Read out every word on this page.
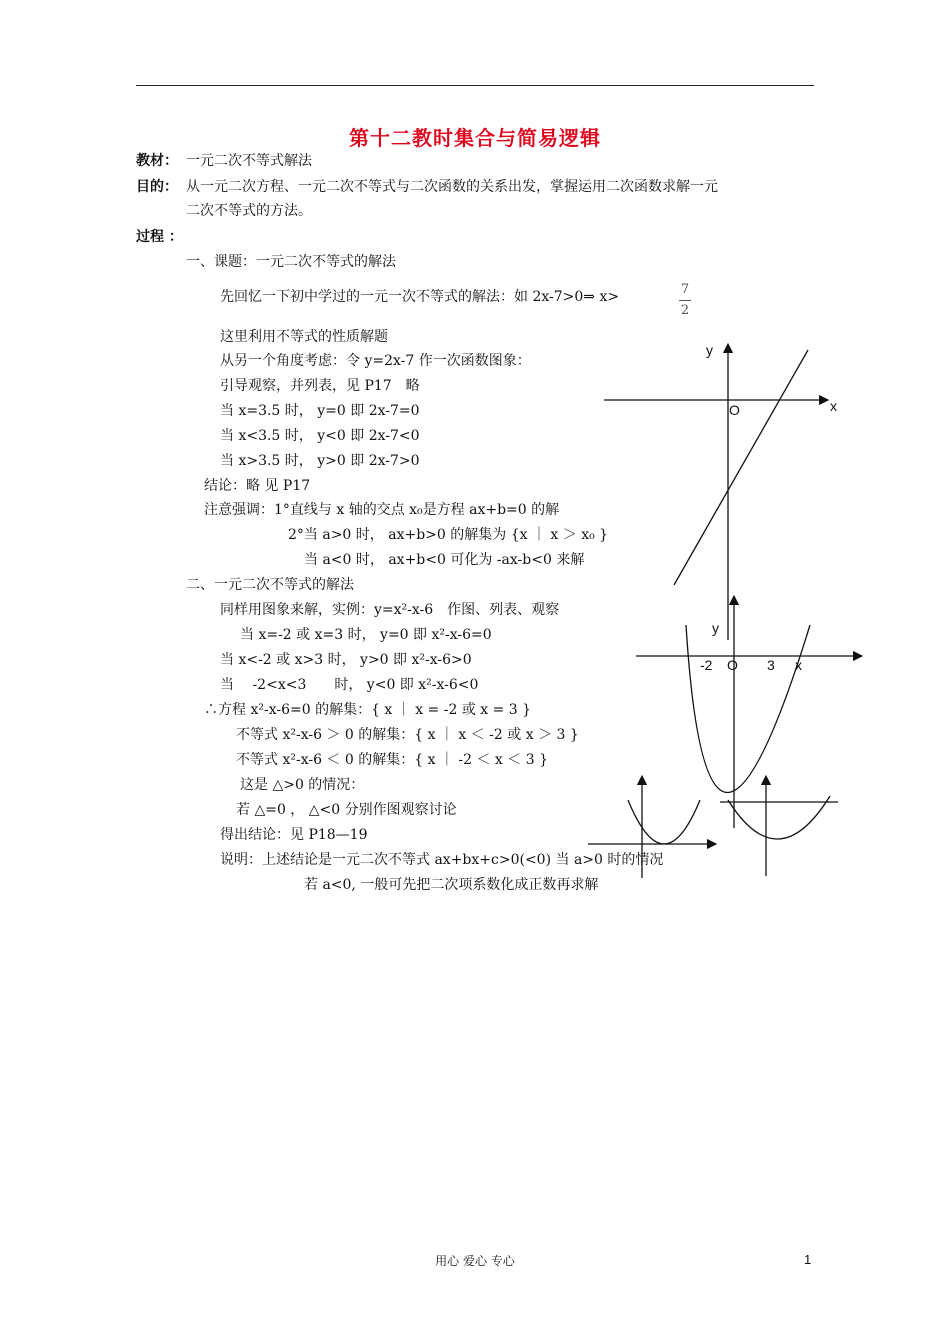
第十二教时集合与简易逻辑
教材： 一元二次不等式解法
目的： 从一元二次方程、一元二次不等式与二次函数的关系出发，掌握运用二次函数求解一元
二次不等式的方法。
过程 ：
一、课题：一元二次不等式的解法
先回忆一下初中学过的一元一次不等式的解法：如 2x-7>0⇒ x>	7
2
这里利用不等式的性质解题
从另一个角度考虑：令 y=2x-7 作一次函数图象：
引导观察，并列表，见 P17　略
当 x=3.5 时， y=0 即 2x-7=0
当 x<3.5 时， y<0 即 2x-7<0
当 x>3.5 时， y>0 即 2x-7>0
结论：略 见 P17
注意强调：1°直线与 x 轴的交点 x₀是方程 ax+b=0 的解
2°当 a>0 时， ax+b>0 的解集为 {x ｜ x ＞ x₀ }
当 a<0 时， ax+b<0 可化为 -ax-b<0 来解
二、一元二次不等式的解法
同样用图象来解，实例：y=x²-x-6　作图、列表、观察
当 x=-2 或 x=3 时， y=0 即 x²-x-6=0
当 x<-2 或 x>3 时， y>0 即 x²-x-6>0
当　 -2<x<3　　时， y<0 即 x²-x-6<0
∴方程 x²-x-6=0 的解集：{ x ｜ x = -2 或 x = 3 }
不等式 x²-x-6 ＞ 0 的解集：{ x ｜ x ＜ -2 或 x ＞ 3 }
不等式 x²-x-6 ＜ 0 的解集：{ x ｜ -2 ＜ x ＜ 3 }
这是 △>0 的情况：
若 △=0 ， △<0 分别作图观察讨论
得出结论：见 P18—19
说明：上述结论是一元二次不等式 ax+bx+c>0(<0) 当 a>0 时的情况
若 a<0, 一般可先把二次项系数化成正数再求解
y
x
O
y
-2 O 3 x
用心 爱心 专心	1
